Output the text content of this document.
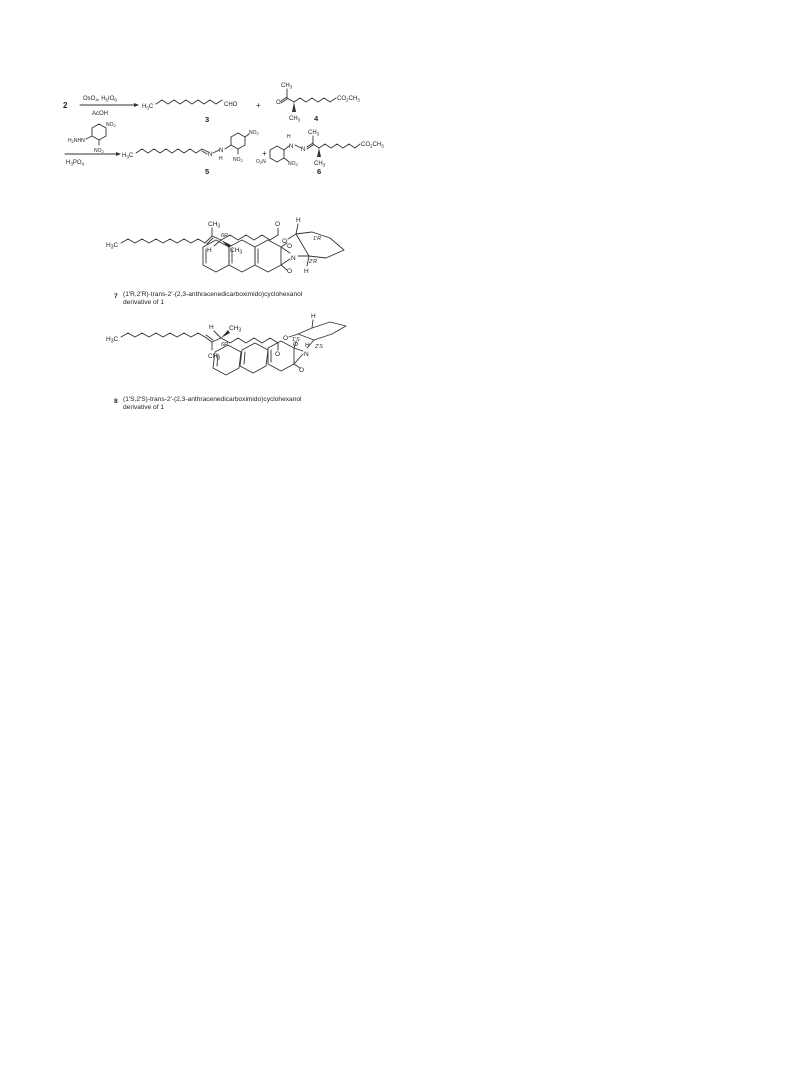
2
OsO$_4$, $H_5IO_6$
AcOH
$H_3C$	CHO
3
+	O
$CH_3$
$CH_3$
$CO_2CH_3$
4
$H_2NHN$
$NO_2$
$NO_2$
$H_3PO_4$
$H_3C$	N
N
H
$NO_2$
$NO_2$
5
+
$O_2N$	$NO_2$
H
N N
$CH_3$
$CH_3$
$CO_2CH_3$
6
$H_3C$
$CH_3$
6R
H	$CH_3$
O
O
H
1′R
2′R
H
N
O
O
7
$H_3C$
$CH_3$
6R
H $CH_3$
O
O 1′S
H
2′S
H
N
O
O
8
(1′R,2′R)-trans-2′-(2,3-anthracenedicarboximido)cyclohexanol
derivative of 1
(1′S,2′S)-trans-2′-(2,3-anthracenedicarboximido)cyclohexanol
derivative of 1
